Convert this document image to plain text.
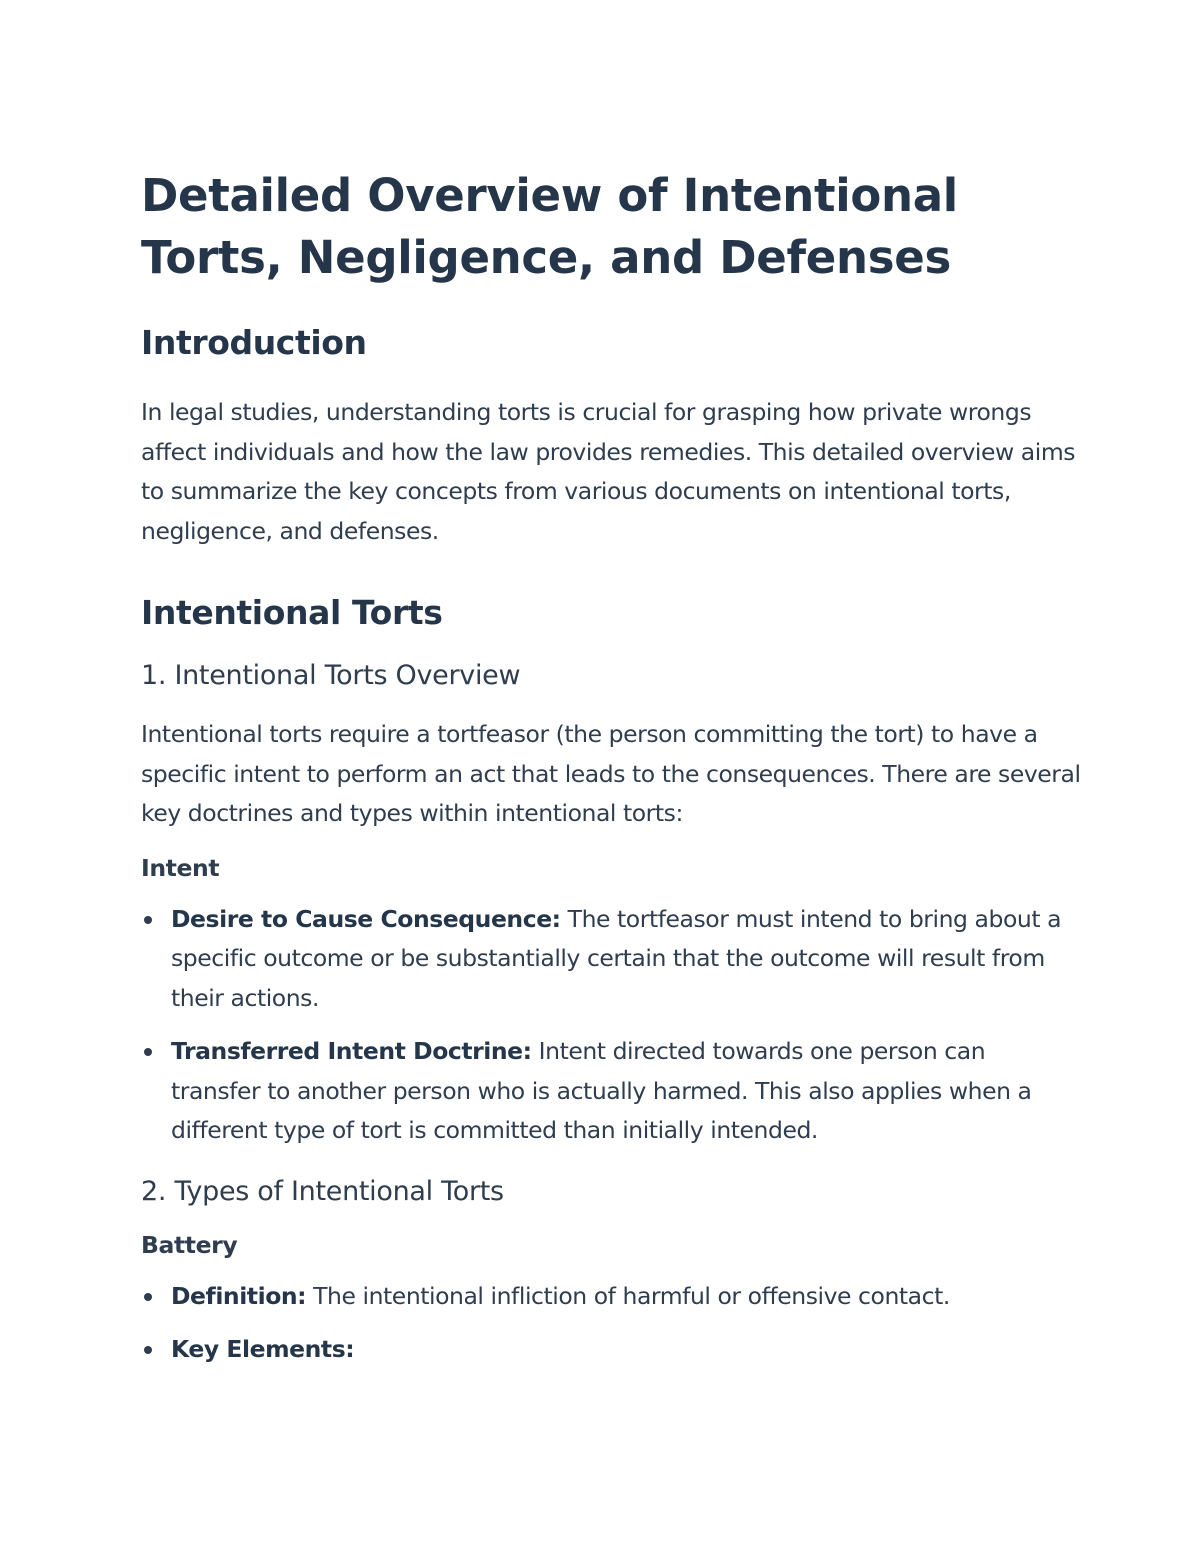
Detailed Overview of Intentional Torts, Negligence, and Defenses
Introduction

In legal studies, understanding torts is crucial for grasping how private wrongs affect individuals and how the law provides remedies. This detailed overview aims to summarize the key concepts from various documents on intentional torts, negligence, and defenses.

Intentional Torts
1. Intentional Torts Overview

Intentional torts require a tortfeasor (the person committing the tort) to have a specific intent to perform an act that leads to the consequences. There are several key doctrines and types within intentional torts:

Intent
Desire to Cause Consequence: The tortfeasor must intend to bring about a specific outcome or be substantially certain that the outcome will result from their actions.
Transferred Intent Doctrine: Intent directed towards one person can transfer to another person who is actually harmed. This also applies when a different type of tort is committed than initially intended.
2. Types of Intentional Torts
Battery
Definition: The intentional infliction of harmful or offensive contact.
Key Elements:
